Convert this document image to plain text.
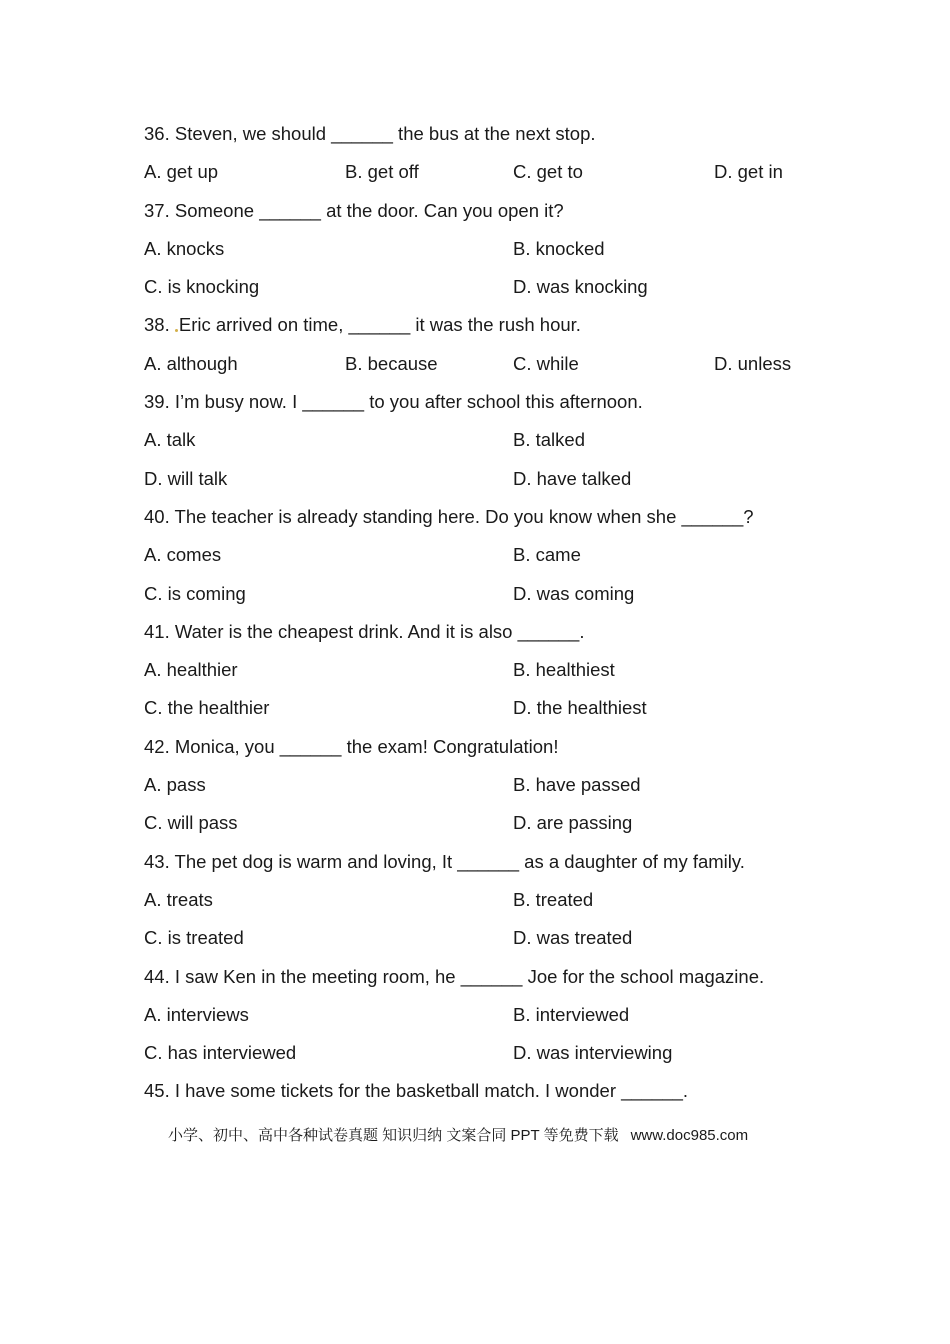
36. Steven, we should ______ the bus at the next stop.
A. get up	B. get off	C. get to	D. get in
37. Someone ______ at the door. Can you open it?
A. knocks	B. knocked
C. is knocking	D. was knocking
38. Eric arrived on time, ______ it was the rush hour.
A. although	B. because	C. while	D. unless
39. I’m busy now. I ______ to you after school this afternoon.
A. talk	B. talked
D. will talk	D. have talked
40. The teacher is already standing here. Do you know when she ______?
A. comes	B. came
C. is coming	D. was coming
41. Water is the cheapest drink. And it is also ______.
A. healthier	B. healthiest
C. the healthier	D. the healthiest
42. Monica, you ______ the exam! Congratulation!
A. pass	B. have passed
C. will pass	D. are passing
43. The pet dog is warm and loving, It ______ as a daughter of my family.
A. treats	B. treated
C. is treated	D. was treated
44. I saw Ken in the meeting room, he ______ Joe for the school magazine.
A. interviews	B. interviewed
C. has interviewed	D. was interviewing
45. I have some tickets for the basketball match. I wonder ______.
小学、初中、高中各种试卷真题 知识归纳 文案合同 PPT 等免费下载 www.doc985.com
